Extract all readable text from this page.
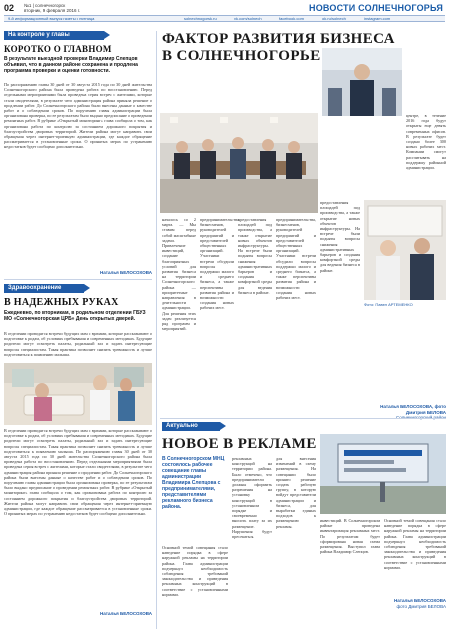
02 №1 | солнечногорск
вторник, 9 февраля 2016 г.	НОВОСТИ СОЛНЕЧНОГОРЬЯ
9-й информационный выпуск газеты • пятница	solnechnogorsk.ru	vk.com/solnech	facebook.com	ok.ru/solnech	instagram.com
На контроле у главы
КОРОТКО О ГЛАВНОМ
В результате выездной проверки Владимир Слепцов объявил, что в данном районе сохранена и продлена программа проверки и оценки готовности.
По распоряжению главы 30 дней от 30 августа 2015 года по 30 дней жительства Солнечногорского района была проведена работа по восстановлению. Перед отдельными мероприятиями была проведена серия встреч с жителями, которые стали свидетелями, в результате чего администрация района приняла решение о продлении работ. До Солнечногорского района были внесены данные о качестве работ и о соблюдении сроков. По поручению главы администрации была организована проверка, по ее результатам было выдано предписание о проведении ремонтных работ. В рубрике «Открытый мониторинг» глава сообщила о том, как организована работа по контролю за состоянием дорожного покрытия и благоустройства дворовых территорий. Жители района могут направить свои обращения через интернет-приемную администрации, где каждое обращение рассматривается в установленные сроки. О принятых мерах по устранению недостатков будет сообщено дополнительно.
Наталья БЕЛОСОХОВА
Здравоохранение
В НАДЕЖНЫХ РУКАХ
Ежедневно, по вторникам, в родильном отделении ГБУЗ МО «Солнечногорская ЦРБ» День открытых дверей.
В отделении проводятся встречи будущих мам с врачами, которые рассказывают о подготовке к родам, об условиях пребывания и современных методиках. Будущие родители могут осмотреть палаты, родильный зал и задать интересующие вопросы специалистам. Такая практика позволяет снизить тревожность и лучше подготовиться к появлению малыша.
В отделении проводятся встречи будущих мам с врачами, которые рассказывают о подготовке к родам, об условиях пребывания и современных методиках. Будущие родители могут осмотреть палаты, родильный зал и задать интересующие вопросы специалистам. Такая практика позволяет снизить тревожность и лучше подготовиться к появлению малыша. По распоряжению главы 30 дней от 30 августа 2015 года по 30 дней жительства Солнечногорского района была проведена работа по восстановлению. Перед отдельными мероприятиями была проведена серия встреч с жителями, которые стали свидетелями, в результате чего администрация района приняла решение о продлении работ. До Солнечногорского района были внесены данные о качестве работ и о соблюдении сроков. По поручению главы администрации была организована проверка, по ее результатам было выдано предписание о проведении ремонтных работ. В рубрике «Открытый мониторинг» глава сообщила о том, как организована работа по контролю за состоянием дорожного покрытия и благоустройства дворовых территорий. Жители района могут направить свои обращения через интернет-приемную администрации, где каждое обращение рассматривается в установленные сроки. О принятых мерах по устранению недостатков будет сообщено дополнительно.
Наталья БЕЛОСОХОВА
ФАКТОР РАЗВИТИЯ БИЗНЕСА
В СОЛНЕЧНОГОРЬЕ
началось со 2 марта. — Мы ставим перед собой масштабные задачи. Привлечение инвестиций, создание благоприятных условий для развития бизнеса на территории Солнечногорского района — приоритетные направления в деятельности администрации. Для решения этих задач реализуется ряд программ и мероприятий.
предпринимательства, бизнесменов, руководителей предприятий и представителей общественных организаций. Участники встречи обсудили вопросы поддержки малого и среднего бизнеса, а также перспективы развития района и возможности создания новых рабочих мест.
предоставления площадей под производства, а также открытие новых объектов инфраструктуры. На встрече были подняты вопросы снижения административных барьеров и создания комфортной среды для ведения бизнеса в районе.
центре, в течение 2016 года будут открыты еще девять современных офисов. В результате будет создано более 300 новых рабочих мест. Компании смогут рассчитывать на поддержку районной администрации.
предпринимательства, бизнесменов, руководителей предприятий и представителей общественных организаций. Участники встречи обсудили вопросы поддержки малого и среднего бизнеса, а также перспективы развития района и возможности создания новых рабочих мест.
предоставления площадей под производства, а также открытие новых объектов инфраструктуры. На встрече были подняты вопросы снижения административных барьеров и создания комфортной среды для ведения бизнеса в районе.
Фото: Павел АРТЕМЕНКО
Наталья БЕЛОСОХОВА, фото Дмитрия БЕЛОВА
Актуально
НОВОЕ В РЕКЛАМЕ
В Солнечногорском МНЦ состоялось рабочее совещание главы администрации Владимира Слепцова с предпринимателями, представителями рекламного бизнеса района.
Основной темой совещания стало наведение порядка в сфере наружной рекламы на территории района. Глава администрации подчеркнул необходимость соблюдения требований законодательства и приведения рекламных конструкций в соответствие с установленными нормами.
рекламных конструкций на территории района. Было отмечено, что предприниматели должны оформить разрешения на установку конструкций в установленном порядке и своевременно вносить плату за их размещение. Нарушения будут пресекаться.
для внесения изменений в схему размещения. На совещании было принято решение создать рабочую группу, в которую войдут представители администрации и бизнеса, для выработки единых подходов к размещению рекламы.
инвестиций. В Солнечногорском районе проведена инвентаризация рекламных мест. По результатам будет сформирована новая схема размещения. Выступил глава района Владимир Слепцов.
Основной темой совещания стало наведение порядка в сфере наружной рекламы на территории района. Глава администрации подчеркнул необходимость соблюдения требований законодательства и приведения рекламных конструкций в соответствие с установленными нормами.
Наталья БЕЛОСОХОВА
фото Дмитрия БЕЛОВА
